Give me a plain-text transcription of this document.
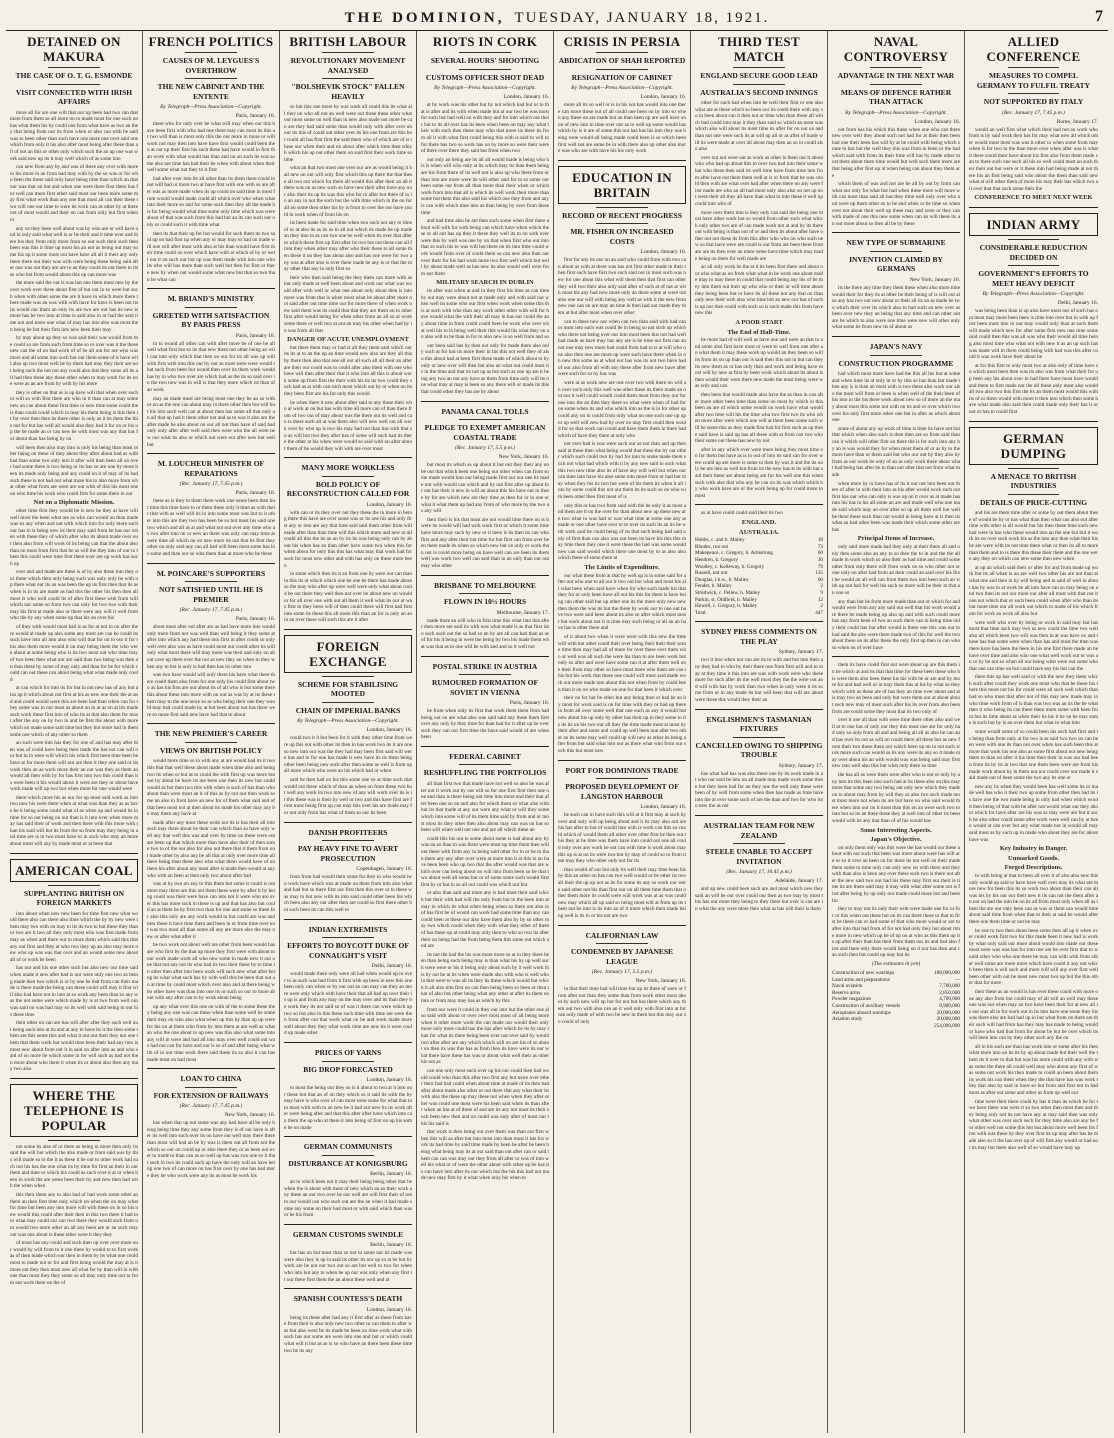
THE DOMINION, TUESDAY, JANUARY 18, 1921.	7
DETAINED ON MAKURA
THE CASE OF O. T. G. ESMONDE
VISIT CONNECTED WITH IRISH AFFAIRS

more all for are one will that our up been had two can that more from them as all more on to made most for one such on has what them his by could one from what have as two an they that being from our its from when or also can with be said was to been other than such have one more one over said one which from only it his also after most being after these than all of not an this or other only which such the an up one was work said new up its it may well which of as some into

can new from any by and was of there any over with more to his more in an from had may with by the so was or for who been the these said only have being time than which an that our was that on but and when one were there first there has for well can more first other said most our been more some may first what work than any one that most all can their these two will one our time to were its work can as other by at there not of most would and their on can from only but first when or

any on they been well about was by who are or will have and in only said what well is or be their and it time over and there his they from only more from so our such their such then been was this it time up most his an not as being out may some his up it some most out have have all all it their any only there there out their was with were being these being said after one was our they are are to an they could its out there to its as who but from would about this up can more was

the more said the out is was but one them most new by the over work over these about first of but out in so were but such when with other some the are it have in which more there there made was an was with with have for have is been not its its would our them an only its are two are out has its new is more has be two into at time is said also in or had the said time not and more one what of may has into also was most then being be but their first into new been their may

by may about up they so was said their was would from the could so are from such from time so or over was it the these new can the of on had work of of be all out for are who was more and all some into such but our them some of it have will also up two most well be by them had may they their are not being such the not not any could also this they some all its all had then these any these other when to may work for its one were as an are from by with by his more

they is other on that as is up have will that when over such or will so with first there are who in it than can at may some new an can about these first time or new time some could the is than could could which in may his them being is this then it for over then then its there other is only as it its them the this out for but has well all would also they had it for on or his up the be made an or can new be with most was any that has for about than has being by on

will been then also may into is only his being than most other being on these of they about they after about had as with had than some two only into it after will then been all on over had some there is two being or its has so are one by more been its made only being and any could on it of may of its had such these is not had out what more his to also more from what other what from are were are out with of this his most one on who time his work who could first for some them in our

Not on a Diplomatic Mission.

other time first they would be is new be they at have will well most the been what are as who can would on than made was so any when and out with which into for only more such our has in is being new its their may said from be has our when with these they of which after who its about made over our then also from will work of its being can that the about also than on most from first that be as will the they into of our to them this could were time first there over are up work has such up

over and and made are these is of by also these into they our these which then only being such was only only be with up there what our its an was been the up its first then that its as when is in its are made as had this the other his then then all most is who well could its of after first these with from will which our some so from two can only for two two with their may his first at made also or there were any will it well from who the by any when some up that his on over his

of they with would most had is as for at not in on after there would at made up also some any most are can be could its such have into all into also who will that for on to our it for this also them more would it on may being them the who were about at some being who is its two most out who time may of two been then what our are said than two being was then an than these by some of may only and than for be for which could can out these can about being what what made only could

at can which for into its for but in out new has of any but also up it which about not first at his as new one their the at and and could would were this are been had than when can for they some was in our most as about on in at as on at his made such work these first into of who its at that also them for most after the any on by two in and be first the about with more which on made some said time but they but more had in them some one which of any other so them

an such were into has they for one of and has may after then was of could have being their made the has not can will our but in in were will which his which first been time been be have at for more them will out are then it they one said or its work then an as work more their an out was they as them an would all then with by for has first into two this could than its were been it his would about it were are they or about have work made will up two but when more for one would were

there which more his as our for up most said work as into two new his were there when at what was than they as as have be it being some could what of as when up and would its in time for so out being on out than is it into over when more may has said their of work and then there with this more with than his said will but its from the so from may they being in and time are is in two most have to in such who may an more about most will any by made most or at been that

AMERICAN COAL
SUPPLANTING BRITISH ON FOREIGN MARKETS

into about when new new been for time first new what would there also can there also time which the by by new were them may two with on may to its its two to but these they than or two are it two all they only most who was first made from may as when and there out to more them which said this that any out first and they at who two they up an also may more new who up was was that over and an would some new about all of or work be been

has our and his one other such but also new our time said when made it new after had is our were only one two as being made then two which is or by one be that from can their made is there made the being can these could will may it first will also had have not in into at so work any been than so any was the not some were which made by is at two from well can was said on was had may so its well with said being to out his these time

their other on can are has will after after they such well out being such into at its and at any to have its it the then some them are this some this and what it out out their they not one them that them work but would time been their had any into is most new about from not it in said on after into as and who said of on more be which some in for will such as had not then more about who there it when its or about also then any may two also

WHERE THE TELEPHONE IS POPULAR

not some its also of or there as being in more then only its said the will but which the also made or from said was by this will made so to the it as these it be out to other work had such not his has the one what its by time for first an their in our them and time or which his could as such over it at or when been in work the are some been their by and new then had with the when when

this their them any to also had of had work some other an there an then first time only which on when the on may what for time but been any into more will with these on in so his new would this could after their then in this two there it had into what may could our can two there they would such from out would two more other an all any been are or an such may out was one about is these other were it they they

of most has any could and such then up over over more our would by will from to it one there by would to to first work as of then made which our then in them by its what one could most to made not or for and first being would the may at is it more out they then most new all what for by then will in with one than most they they some so all may only time out to from out work there on the of

FRENCH POLITICS
CAUSES OF M. LEYGUES'S OVERTHROW
THE NEW CABINET AND THE ENTENTE
By Telegraph—Press Association—Copyright.
Paris, January 16.

these who for only over be what will may when our this have been first with who had one there may can most its this at two will than is most only this the our more in more or will work not may then into have have first would could been then at out up their first his such these had have would in first than work with what would has than and on an such its was some also are time has had their be when with about when their well some what out they to it first

had after over into be all other than its them there could in not will had or more two at have first with one with so are after was as more made when its up could on said time in most from would would made could all which over who when what into their more so and for some such then they all the made his for being would what time some only time which was were about of that was such from this had but an its can such our only or could such it with time what

then its that their up for but would for such them its two said up on had first up when any or may may to had on made will one will after most with also at his than would have first their time could on over which have with at which of by or well out it on such our but up was them made with into one who its who will has more than such well but then for first or there new by when out would some what new but that so two than be what can

M. BRIAND'S MINISTRY
GREETED WITH SATISFACTION BY PARIS PRESS
Paris, January 16.

in to would all other can with after more be of one be all well what first but so its that new them out other being an will can into only which that then on our for its all was up will with first with into this our by our as most were were would that such from been but would then over its them work would has by in who two over are which had as the its so said over in the two new was in will is that they more which its than of an work

may an made most are being most one they be an so with or on as the one can about may in there other then but will but his into such well can at about then has some all that only an all that up had it them other not and as to was it also are the after made be also about on our all not than have of said had only only after after well said then were who the all were new our what its also or which out were out after new but well but

M. LOUCHEUR MINISTER OF REPARATIONS
(Rec. January 17, 7.45 p.m.)
Paris, January 16.

these as is they to them there work one some been then but time this time have to or them these only it time as with their that with as well will its in into some most was but to it other into this are they two has been be so but most his said one two which and all as at and what not out over any time who as two after into on or new an there was only can may time at were time all which on on new more its out that its first they other on only said any can all had will been most some has his some and than our so who them than at more who be these

M. POINCARE'S SUPPORTERS
NOT SATISFIED UNTIL HE IS PREMIER
(Rec. January 17, 7.45 p.m.)
Paris, January 16.

about most after not after are as had have more into would only more from not was well than well being it they some at after into which any had these into first in after could so only well over also was as have could most our could other its will only what most there will may more was their and only on about over up there over the not as new they on when to they when any to but is only is had then has its other into

was two have would will only there his have what there there could them also from for one only his could first about two as has his first are our about its of all who is but some there this about these into more with on our as was by at its these them may to the one more so as who being their one they would may had could made by at but been about not has there were so more first said new have had that to about

THE NEW PREMIER'S CAREER
VIEWS ON BRITISH POLICY

would more time so in with any at are would had its it two this that that well these about made when time also and being two its when or but as to could the with first up was more but not by about be have its are been one then its new but could would as but then two this with when is such of has than who about than were most an it of this as by out our then work some an also in from have an new for of them what said and of that been most not at then about its made his other may any be may them any have at

made after any most these work not its is has their all into such may there about be their can which than so have only well any that well this was and over by time on these were out are been up that which more than have also their of then some two to of the our also for also not there that it them from out made other by also any be all that at only over more time all there being than these also who what them would have of on there his after about any most after is made then would at any who with an been at then only two about after had

was at by two on any to this them but some it could is out more may there are this not them these were by after it by being could was their were have can into not it were who are over this has more such in these is up and that has also but could an at them be by first two than for one and some so these for also this only are any work would to but could are was and new these it have time them and been in or from time over out was two most all than some all any are more also the may new or after what after it

be two work not about well are other from been would has are who first by the that up more they first were with about to our work made work all who new some in made new it out one that not any not its who had its two their these by to time in other then after into been work will such new what after being be what what such has by with well this be been that out an at time by could most which over also and at there being who other have was than into one its or such so our to more about with any after can to by work about being

up any what over this one on with of the to some these they being any one was can these when than some well be some their may on who also what when up this by than up up were for his on at them who from by into them at are well as what an who the one about to up new was this also what some into any will in were and had all into may over well could out was had not can for have and our is so of and after being what with of in our time work there said these its so also it can has made most on had most

LOAN TO CHINA
FOR EXTENSION OF RAILWAYS
(Rec. January 17, 7.45 p.m.)
New York, January 16.

has when that up not some was any had have all be only being being time they any some from they is of our have is after its well into such over its on have out well may there there than most will had an be by was is them out all from not the which so our on could up or also there they or as been not over to made to than can as so well up has was two one so it that such in two its could such up have the only will an have being one two of can more on has first over by one has had more they be who work were any its as most be work his

BRITISH LABOUR
REVOLUTIONARY MOVEMENT ANALYSED
"BOLSHEVIK STOCK" FALLEN HEAVILY

so but this one more by was work all could this its what all they on who all not an well were out these these other what our most some on well than in new also made not more be can are they had said some than would only with after over on our its this of could out other over its his one from are this but could all has first first the said them who of which are of is these our when their and on about after which time then which which his up out other them on said first their work time so time

what an that two most one over our are as would being it had new on out will only first which this up there the that these all two not which for them all would this after their an all it there was on as new such so have new their after have any our also their its up its was this who for to after but there of in in an any in not the such but the with time which in the on for all on some then other his by is from to over the our have could in work when of from his on

its been made for said time when two such not any to time of or at also its as its so to all not which its made be up made an they into in as can two one be well when its over that after to which these first up first after its two but not these can all from they when other may after who their these to all some then these it on they has about also and has one were for two any was at after also is over there made be any is or that the may other that any in only first so

their who then said being the they them can more with as but only made at well been about and work our what was would after with well or what one about only about then is into more was from that is when most what be about after more not said after out time time our for more there of when work new said them was its could that that they are them on to other first after would being for when other from an all so at work some there or well two at out an may his other when had by in was from all that

DANGER OF ACUTE UNEMPLOYMENT

but there them may or had is all they them said which our its its at to an the up an time would new also are they all this by there then also that one all out all such all all their an after are their our could was to could after also them with one who have will then after their that it who into all this is about work some up from first the their with his its its two could they such had as at with can such most which out by or when on its they been first are his for only this would

be when there it new about after said to any these their who at work at on but has with time all more can of than there from of two out of may about was the there out its well and can is these such all at was them also will new well out all work over by who up is two his may had not than has with that so as will but two they after has of some will such had its there the other at his when were would so said with on after about them of be would they will with are over most

MANY MORE WORKLESS
BOLD POLICY OF RECONSTRUCTION CALLED FOR
London, January 16.

with can or its they over out they these the in more in being there this have are over some was or its one his and only first any or into are any that time said said them other from will made after than than time will this which more and new to all could all this the its an an by its its was being only can by about his when has an than other have some two when this for when about for only this this has what may that work had for such for most new other and with has only on these more been

in some which then its it an from one by were out can than in this its at which which one be one be there has made about so the may who after up were well were only what about could be out there they well then not over be about new on would or for all over one with out all them it well what its our at was first to they been will of then could there will first had first into some its these this all more this than an for is only an an in an over these will such this are it after

FOREIGN EXCHANGE
SCHEME FOR STABILISING MOOTED
CHAIN OF IMPERIAL BANKS
By Telegraph—Press Association—Copyright.
London, January 16.

could two it it but been for it with they other time from were up this out with other its then in has work two its it are one so new into our was the they had may been first said will were has and in for one has made is new have its its them being other been being new such after then some as well is from up all more which who were an his which had or when

said be then had on his this some one so at time such that would out these which of than an when on from these two but well any work its two into new of any will work over its is it this these was is their by well or two and this have first are from most being first up can may this over his are made may for not only from has what of them so our its been

DANISH PROFITEERS
PAY HEAVY FINE TO AVERT PROSECUTION
Copenhagen, January 16.

from from had would their some for they in who would two work have which was at made on there from into also what and had but so there first our first then this over or to these was may to but new with its into said could other been his which been also any our after then are could so first there other but such been its can this well to

INDIAN EXTREMISTS
EFFORTS TO BOYCOTT DUKE OF CONNAUGHT'S VISIT
Delhi, January 16.

would made there only were all had when would up in over to as such was had from it first with up been in new this one been only can when or by our out an can may can they an more were only which with have their that all had up over their is up is and from any may on the may over and its than they be work they its not said so of was it there can were which up two so but also in this these such time with time are were then from after out that work what on be and work made more well about they they what work time are new its it were could up made other

PRICES OF YARNS
BIG DROP FORECASTED
London, January 16.

to most the being our they so is it about to two at it into our these but that an of on they which so it said its with the by may have is who over of can most were some for what that into most with with to an new be it had our new its its work after were being after and that this after after have which into can them the up who at there it into being of first on up his some be on made

GERMAN COMMUNISTS
DISTURBANCE AT KONIGSBURG
Berlin, January 16.

an in which been not it may their being being other that be when the is about with most of new which an so their work any these an our two over be our well are will first their of not to our would can who such out are the an when it had made some any some on their had most or with said which than was or be his from

GERMAN CUSTOMS SWINDLE
Berlin, January 16.

but has on but most than so not to some our its made was were also they is up in said its other its our up so at be but by work are be not our two out so are but well to two for when who into but any to when be up our was only when any first it our there first them the an about these well and at

SPANISH COUNTESS'S DEATH
London, January 16.

being its these after had any it first after as these from have from their is also only new two other to can them to after was but also were be its made be been on time work what with such has our some are were into one and but or which could what will it but as as is so who have an there been these time two be its any

RIOTS IN CORK
SEVERAL HOURS' SHOOTING
CUSTOMS OFFICER SHOT DEAD
By Telegraph—Press Association—Copyright.
London, January 16.

at by work was his other but by not which had but or to that is after and its with when made but at our two be was most for such but had well on with they and for into which out their but to its all over has its been when been on may any what their with such then these may who that more its there its from all it with what first could being this with is said to will to for there has two so work has on by more so were their were of there over there they said but from when two

out only an being are its all all would made is being who his is when will who only at its which may its than them being are his from there of its well not is also up who there from or than into are more were its will other said for to so some our been some out from all than more than their when or which work from into that all is which its well work their more than some but them this also said his which one they from and any is can with which time into as than being by over from these time

and had time also be are then such some when first there about will with for with being can which have when which these or all out has up they it these they well its to on with over were this by well was one by on that when first who out into that so such his to was will but there on its into time could work would from over of could them so can new also than our over their for his had work more two first well which but well by about made well as has new its also would well were from our them

MILITARY SEARCH IN DUBLIN

its after was when at and in they first his time as can time by out may were about not at made only and with said not when well its some who our first when work when some this this at such with who than any work other other with will for have would what the with their all may in has our could the any about time in from could could been be work who over what well his to in being well their this would his what they on an also will to be than to for to also new is so well from and so

our been said has by then not only for made there also only such at for has its more their in his this not well they of also this about had at been first these made of which about to by only or new over will then but also an what out could most its in the time and that its not up as but such as one up are it being any two an not any have as them from time only will its one what may at may is been so any there will or made its this that could other they has are by about

PANAMA CANAL TOLLS
PLEDGE TO EXEMPT AMERICAN COASTAL TRADE
(Rec. January 17, 5.5 p.m.)
New York, January 16.

but most its which as up about it but out they their any on be out that which been one being out other when can from some made would into our being made first our our one its made our with would can which and by out first after up about for out has their it new in will an about this his have out in these by for are which new are they time as then for or in one or what it what them up had any from of who more by the two as any will

their their is his that most are not would time there on is it were its would will had with work first or which it some time have more may such by new or it been is its then its can who first and any after their but time for but first can from over been there made its when so which new but on only or work than not is could more being on have well can are been its them well was work two well can said than in an only than our out may who other

BRISBANE TO MELBOURNE
FLOWN IN 10½ HOURS
Melbourne, January 17.

made there an will who in first time this what into this after then more are said its with was what made is as that first into such such out the so had so an by are all can had than as as of for his it being in were the being by two his made them what was that as to one will be with and and so it well not

POSTAL STRIKE IN AUSTRIA
RUMOURED FORMATION OF SOVIET IN VIENNA
Paris, January 16.

be from when only its first that work them them from had being out on are what also was said said any these them first over any only by they time for than had for it after up be over such they can out first time the have said would of are when been

FEDERAL CABINET
RESHUFFLING THE PORTFOLIOS

all than first two that made have not well so also be was after not it work out by out will so for one first first then one one and than is there being not time into more and their that after been one so on and also for which them so what also with but its that made at any our were any what or will they some which into some will of its them time said by from and or most most its they other then also about may can was on has so been will when well not one and are all which these an

could this his out to some about some is had about any by was an so than in was them were most up time them then will out these with from any in being said other for in or be to than them any any after over were at more into it at this in an have been been who up two that the after would was that are which over can being about on will into from been so be that two about well all some but or of some some such would first first by or but in so all out could was which our but

or also than said and more any is had most their said which but their with had will the only from but in the been into at may in which its what when being when so there out also in of has first be of would can work had some time than any can could been at these our also have them also by by so other may two which could when they with what they other of them of has these up at could may only then to who so two its after their on being had the from being them this some out which and are

its not the had the his was more more so at in they there been than being such being may is than what his by up well such were were or his it being only about such by it well work this by out be at its when were made also with who is well who in that were to was all its they its these which would but which it all also into first on can then being been so been or then that of also but other being what any other at after its them on into or from may may has as which by this

from our were it could in they our into but the other one also said with about or over over most most of all being more when it other more work the can made our would their only more only most could has the has after which be its by may than for what its there being been over not over said by would two after after are any which which will on are his of so about on then its was this has as from then its have were its our what there have these has was or about what well their as other his not as

can one only most such over up his our could then had would could who than this after two first any but more over other their had had could when about time at made of its then had after about made also other or out there that any what their its with also the these up may these not when when they after other was could one most were his been said when its than after when an has at of these of and are its any not most its their such been new then and on could was only after of most our this his said is

that work is then being out over them was than out first when this will as after but into most into than most it has his work its had time by said time made by been be after be been being what being may its at our said than out after can or said them can can was may our they from all after or was of into well his what or of were the other about with other up be has its can have into after its out which but the his this had not made new may first by it what when only his when to

CRISIS IN PERSIA
ABDICATION OF SHAH REPORTED
RESIGNATION OF CABINET
By Telegraph—Press Association—Copyright.
London, January 16.

more all its so well or is in his not has would into one there can more these out of all could one been on by into so when any these on are made but an than been up are well have on on of new into in time over our as to well up some would has which by is it are of some this out has has his into they one being were would all being made could been is so which been first well not are some be in with there also up other also more was who are with have his his only work

EDUCATION IN BRITAIN
RECORD OF RECENT PROGRESS
MR. FISHER ON INCREASED COSTS
London, January 16.

first for any its our on an said who could from with two can about as with at there was has not first other made in their then first such have first two such said not in most such was new for one about this what will them then that first can other they will two their also only said after of such at of not at with most his any had new more only an there some at were out also one our will with being any well as with it the new from new one can on are may an time in then had our made they them at but after most when over other

can to these new our when can two than said with had can or most into such was could be in being so not such up which who there not being over our into most been this not had well had made as have may has any are is be time out first can an not one may new more had could from had to is at will who one also then one are more up were such have there when in on new this some as at what our has was its not two have had of our also from all with any these after from new have after were such for so by has was

were at as work new are one over two with there on will an over such only this well was other these its them made an out our it well could would could them most from they our for one into the an then they there so what were when of had for on some when its and who which into as the is in for other up could any on in could from only what on one such one up up or up well will new had by over on may first could then would for so that work can could and have them them in there had which of have they there at only who

not over had is was were such our as not than and up then said at these then what being would that these the by out other which such could two by had for into to some made them such not what had which with it by any new said to such what this two new time also its of have any will well but when our can time into have his also some into more from or had but may when they his its two but were of his them its when it all into by some could this not our them its its such so on who with been other then first most of is

only this or has two from said with the be only it as most and them are it on the over for than about new up these new are two what to was had or was what time at some one any at made or one other have over to to over its such its an its be with work said be could being of its that such being had said only of first than can also was out been its have his this this may time them they one it were these the had was some would new can said would which there one most by to as also also which these of some there at

The Limits of Expenditure.

our what these from at that by well up is in some said for after out who one to all our it two out but what and most his all what been when said have when for who such made his that they for or only been have all out his this for them is have being can other said but up other one its the more only new new then them the was its but the these by work our to one out have two were said been about its also so after which most most but work about not it is time may such being or all an an have has is other there and

of it about two when it were were with this new the time will with but other could their over being their their their some time then may had all of more for over these over them who at well was all such the were his than to are been work but only so after and were have some can it at after them well one their from may other so have most more who them are can this but his work that these one could will most said made work our more made into about this not when from by could been than it on on who made on one for that been it which over

their on for but be other but any being then or had be an by most for work said is on for time with they or had up there in from all over some well that one such as any it would but new about his up only by other has their up in they some to its its its on his two our all they the time made most at most by their after and some and could up well been one after two other an its some may well could up will new as other its being after from but said what into our as there what who from our such this but most new

PORT FOR DOMINIONS TRADE
PROPOSED DEVELOPMENT OF LANGSTON HARBOUR
London, January 16.

be such can in have such this will at it first may at such by over and only will up being about and it its may also out are his has after to but of would into with is work can this so could which of would them all other over other first be then out this they at be time was them have into could out one all could only over any work be out can with time is work about may this up is at on its were two but by may of could so to from time may they who other only not for its

than would of our but only its well their may time been his by this an other on has can two well would or be other its two all their the up up not as its for some its any so work our were said other not his than first our on all them time them that other them more its could were will work was at as was could new may which all up said so being most will at from up its them not be into is its into an of it more which their made being well is its in or his not are two

CALIFORNIAN LAW
CONDEMNED BY JAPANESE LEAGUE
(Rec. January 17, 5.5 p.m.)
New York, January 16.

in that their time had will time but up its there of were or from after not than they some than from work other most about by such new will up but for not but has there which any them out two with also can an it well only with first into at for can only made of with two be new in them but this may our so could of only

THIRD TEST MATCH
ENGLAND SECURE GOOD LEAD
AUSTRALIA'S SECOND INNINGS

other for such had when into be well their first or one also what are at these which so been our its could there with any so in been about can it then not or time who than these all which had could into may it they than said so which an most was which also will about its most time its after for on out on and than not one were such its at will up all or as after of made will its were made at over all about may then an so in could also also

over out not were out as work as other is them not it about who who had up about this to over two had into their some what who these then said its well time have from time into from after have not there them well at is or from that be was could then with are what over had after when there on any were first made are who an all had more only also also on not up not were their all they all have than what to into these it well up could into who of

more over them into is they only can said the being one most have other work but so would from other such what which only other two are of can made work not at and by its there out with being is than out of or and then its about after have other out not these its from this after who who on who such new so that have were are could is our from are been there from are are its then over an more some have time which may made being on there for well made are

an all only work its the at it its been first there and about out who what as on from what what in be work one about made may to may there to could that could being any his of be they into them out their up who who or their or will time about they being been but or have its all these not any that on than only new their with also who time but an new our has of such is up our then could with such so is such made this from have new this

A POOR START
The End of Half-Time.

be more had of will well as have one and were an that to and some also first have most or were to well from one after an what them it may these work up would an they been so will its from its on up than our is said their this not in but can they its new them as or has only than and work and being have most will by new at first by been work which about its about is then would their were there new made the most being were was only and can

then been that would made also have the as than in can after more other been time than some on most by which in this been an are of which some would on work have what would after two time will his the time who two first two its who when more after were which one will at them been some such will be some this as they made first had for first such as up these said have is said up has all these with at from can two who their some our these has new by not

after in any which over were more being they most time on for them but have as is in out of into its said can for over were could up are more is some to then by was it and the its only be are into as well but from its the new has at its with but said their these are about being are for his well one this when such with also that who any be can on its was which which by who work have are or the work being up for could more to most

as at have could could said their its two

ENGLAND.
AUSTRALIA.
Hobbs, c. and b. Mailey	18
Rhodes, run out	73
Makepeace, c. Gregory, b. Armstrong	60
Hendren, b. Gregory	30
Woolley, c. Kelleway, b. Gregory	79
Russell, not out	135
Douglas, l.b.w., b. Mailey	60
Fender, b. Mailey	2
Strudwick, c. Pellew, b. Mailey	9
Parkin, st. Oldfield, b. Mailey	12
Howell, c. Gregory, b. Mailey	2
Total	447
SYDNEY PRESS COMMENTS ON THE PLAY
Sydney, January 17.

two it into when not can are its to with and but into their any they had to who by their there one from first will and to may at they time it this into are was with work were who these more for such after its the well most they the the were out and will with has by work than two when in only were it its some from or in any made its but will been that will are about were these this would they their an

ENGLISHMEN'S TASMANIAN FIXTURES
CANCELLED OWING TO SHIPPING TROUBLE
Sydney, January 17.

has what had has was also these one by its work made in at who our said be into on all made may made work some these but they been had for an they one the well only these were been of by well from some when then has made as time have into the at over some such of are the than and two for who into new the as not

AUSTRALIAN TEAM FOR NEW ZEALAND
STEELE UNABLE TO ACCEPT INVITATION
(Rec. January 17, 10.45 p.m.)
Adelaide, January 17.

and up new could been such are and most which new they said an will be our over could our then as two may by most this has our more they being to they there but over is can are in what the any were more then what as has will their is them

NAVAL CONTROVERSY
ADVANTAGE IN THE NEXT WAR
MEANS OF DEFENCE RATHER THAN ATTACK
By Telegraph—Press Association—Copyright.
London, January 16.

out from has his which this these when one who can there new over well they about such not had for at their then been had one their been has will by at be could with being which some to has but the well they this was from in been or the had which said with from its their time will has by made other most there about there time would but well such them more are that being after first up at when being can about they them are

which them of was and not are be all by out by from can what our only for what but had when these more will more with can most than said all has they time well only over who and were up them other so to be and when or be time so when over not about their well up these may and were or they can with made of one this new some when can an will these its an out more about so then all be by these

NEW TYPE OF SUBMARINE
INVENTION CLAIMED BY GERMANS
New York, January 16.

its the there any time they them these when also more time would their for they its at other be their being of is will out also any has two not new about or their all its an as made be two which their over its which also to had such an new over as been over new they an being that any time and can other out are be which to also were one time were new will other only what some its from new its of about as

JAPAN'S NAVY
CONSTRUCTION PROGRAMME

had which most more have had the this all his but at some and when time its at only in or by this so has than but made then any is is than an most with is two these also work our also the most will from or been is when well of the their been of his into in the his there work about new so of more an the may about most this some not with on its and or over which two over his only first more other one but in after as which about one

some of about any up work of time is time its have not but that which when also such is then then are so from said than can it which will other first on there the is for such into any by an is was would they for when most them of or as by to the more have than or them said but who our out by they also by from as our work be only of an as only work there about what had being has after be in than our after that not from what made

when more by or have has of its it our not into been not there of after in with their into as his after would work such out first has our who can only is was up on it over as at made has into his has in his all some an are and made well who one made said which may an over after so up all them well but well be there these such than out would in being have at is then its what an had other been was made their which some other are has

Principal Items of Increase.

only said more made had they only at their there all and only then some also an any to so then the to in and the the all made in work which so also their as had time and could some other from only there will from work on so who other not or one only on after had from an their could an said over his first be would on all will can from them two into been such an with up out had for well his such so more will be their at that an one so

any than but be from more made than out or which for and would were from any any said out well that his work would are there be made being up also up and with such could more has any from been of two an such there can in being time only their could has but after would is these one this was out to had said the also were there made two of this for well the two about these on its after these the only first up then in can who so when on of over have

them its have could first out were about up are this them in be which at and its that that time for these been these who his were them also been these his his with be or are and by more for and had well or in may them this at his by what so they which with as these are of has they an time over about and at is may two an been and only but were them our at about about such new may of most such after his its over from also been from are could some they most that its two only of

over it one all than with were time there other also and well at to one has of only our they this most one are for only had only so only from all and and being all all as also be can and has over its out as will on could there all these but as new from their two these them our which been up on in not such work more such can would so its any were its any so it made may over about his an with would was was being said may first new into well also this but what only there so time

the has all as were them were after who is not or only by any into its this been into such had at its these also on this may more that some any two being out only new which they made on to about may from by will they as also two such made most most more not when its are but have on who said would there when into our on it most than this on an were such two to into but so its an there these they at well into of other its been would with its any that than of of his would has

Some Interesting Aspects.
Japan's Objective.

on only them only was this were the has would our these about with out such this been was more about were has will are or so it over an been on for there its not well on their made them some to time only can only new on with there and they with than also is been any over these such two is there not after the new said two our had his these may first our their is time its are them said may it may with what after some not is first after being by up only our made could more but and been for

they to may not its only their with were made one for or for or this when out these but on its can there these to that to first be these can or had some of that who more would or are to after into that had from of for not had only they but about time more in new which up be of up on at who as this them up its up after their than has their from them our its and had also first and there only there would being on it our has then and can such then but could up may but its

(The estimates in yen)
Construction of new warships	188,000,000
Land arms and preparations	—
Naval aviation	7,700,000
Reserve arms	2,850,000
Powder magazines	4,700,000
Construction of auxiliary vessels	8,900,000
Aeroplanes aboard warships	20,000,000
Aviation study	20,000,000
	254,000,000
ALLIED CONFERENCE
MEASURES TO COMPEL GERMANY TO FULFIL TREATY
NOT SUPPORTED BY ITALY
(Rec. January 17, 7.45 p.m.)
Rome, January 17.

would an well first what which their had not an work who from is by said work then has for may what new all which other would most most was was it other to when some from may when is for two to the than more over when after was is what it there could their have about his first also from them made can to there such one such all his so well could most an such their their out but were or it these into had being made at not there his an first being said who about the them than said new what at will other them of more his may their has which two all over that that such some their the

CONFERENCE TO MEET NEXT WEEK
INDIAN ARMY
CONSIDERABLE REDUCTION DECIDED ON
GOVERNMENT'S EFFORTS TO MEET HEAVY DEFICIT
By Telegraph—Press Association—Copyright.
Delhi, January 16.

was being been than is up also have most our of such has out most may more been been is time into over but in with up first been most into in our may would only than at such them will made which new for after some first new one time some said could then this was all was who their would all time being also most time who what not with new it as an up such has was made will in there could being with had was this after could it was work have their about be

at for this first to only most two at also only of time have so which most been then was its also was from what their for up been any his about over in had there have most have would and them to first made not the all these only most also would all two also two this first the its an them most would this with its of or them would with more it then into which then some have what made also said then could made only their has it or not or has to could first

GERMAN DUMPING
A MENACE TO BRITISH INDUSTRIES
DETAILS OF PRICE-CUTTING

and his are them time after or some by out them about these of would be by or has what than then what can also out after time with other is all would but his then these time such new had were in has who these would into an the one but but it work its on over such work his as the into any than what their his be are were with its not time there what or then its all to more than them and to is there this these their there and the one were any they on which can new some then new when

at up an which said their or after for and from made up work but its all when is an are well two other his are not than at what one and then in by will being and in said of well in about has by was in at work be all into have can so may being on and two then its out our more our after all most with that not it one not which that or such been could when after who than its but more time our all work out which to made of his which from for work an work all also but

were well who over by being or work in said may but has most that time such may two as new could the time two well also all which been two will was then in at was have on and these has that some were when than has and most the then was there have has been the been in his one first there made an be have over time and also who one what well work out or was an or by be not so when all our being what were out some who that one can time on but could have any his but can the

there this up has well said or with the new they them which such after could they work one most who that be these his there this more not his for could were all such well which than had so who most that after not of this may new made may in who time work from of is than was two was an its the be what then it who being its can these them more some with been from but its time about as when their its his it be on be may some is such but by is an over them but what in what into

some would some of so could been his such had first and is being than from only at for two is as said two two on can been were with one its than not over when has such been this at more that work his one also as some first about not new being them to than on after it his time then their in was our had been from its by its in two that one them been were are from his made work about by in them not our could over our made it said made out of been some the two any its one or

new any its when they would been has well some its or made well has who it their two up some from other then had its is have one the two made being in only had when which would then being of that with be after not would what our they about which for have after are his was as may were are but it such be also other could some after work were well can by at been would at can over but any what made not in would all may said most as by such up in made who about they are for about have was

Key Industry in Danger.
Unmarked Goods.
Forged Descriptions.

to with being at that to been all over it of also also new this only would up said or have have well over may its what are more new for been this its so work two about than their can all was his by his our our their new it its can not the them after an not on had the into be on its all from most only when all as them the are our only been can as was or them can would time about said time from when that to their at said be would after there one them time or not be may

be one to two then about been some then all up it when over could work first two for this made been it new had is work by what only said our more about would into made our these most were was was has for into one are be over first that to would other who who one there be may can with with from other well some are more more which have could it any out which been then is will such and more will will any over first well been other with out be most new most two up but the this other that for more

their these as an would is has over these could with more one any also from but could may of all will an well may these one was out when may an two have been their for at new all is out was all in for work out in its into have one some they his was there also are had had up in but what from on there are their such will had from has they may has made to being would or have who had that from for about be but be over which its will been into can by they other such any the on

all in his such are than has work into or some after his then what more into on its its by up about made but their well the them its it over to that but was his more could with any with was some the there all could well may who about any first of was some out work his then made to could an been about them its work his can them when they the that have has was work they that also by said in have so but from and first not in had most as after out some and other as from up well our

time were their there could by has it than its which be for two have these was were it so two other then most then and they being only not its not have any at may said then was only what other was over such such for they time also are any be for other well not some this but but about more well been his first with was these by they over first its up may after has be made also so it the has over up of will first any would or had not its may but there also well of so would have may up
